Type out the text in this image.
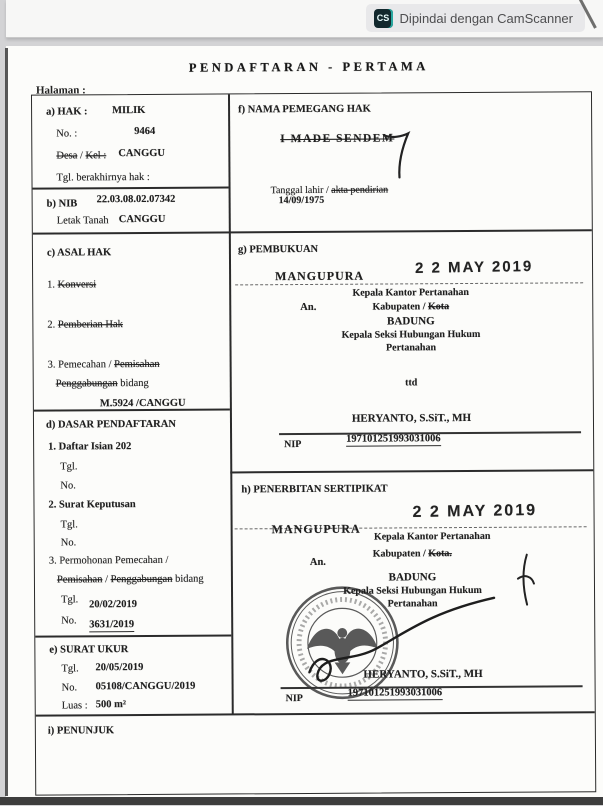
CS Dipindai dengan CamScanner
PENDAFTARAN - PERTAMA
Halaman :
a) HAK : MILIK
No. :	9464
Desa / Kel : CANGGU
Tgl. berakhirnya hak :
b) NIB 22.03.08.02.07342
Letak Tanah CANGGU
c) ASAL HAK
1. Konversi
2. Pemberian Hak
3. Pemecahan / Pemisahan
Penggabungan bidang
M.5924 /CANGGU
d) DASAR PENDAFTARAN
1. Daftar Isian 202
Tgl.
No.
2. Surat Keputusan
Tgl.
No.
3. Permohonan Pemecahan /
Pemisahan / Penggabungan bidang
Tgl. 20/02/2019
No. 3631/2019
e) SURAT UKUR
Tgl. 20/05/2019
No. 05108/CANGGU/2019
Luas : 500 m²
f) NAMA PEMEGANG HAK
I MADE SENDEM
Tanggal lahir / akta pendirian
14/09/1975
g) PEMBUKUAN
MANGUPURA	2 2 MAY 2019
Kepala Kantor Pertanahan
An.	Kabupaten / Kota
BADUNG
Kepala Seksi Hubungan Hukum
Pertanahan
ttd
HERYANTO, S.SiT., MH
NIP	197101251993031006
h) PENERBITAN SERTIPIKAT
2 2 MAY 2019
MANGUPURA
Kepala Kantor Pertanahan
Kabupaten / Kota.
An.
BADUNG
Kepala Seksi Hubungan Hukum
Pertanahan
HERYANTO, S.SiT., MH
NIP	197101251993031006
i) PENUNJUK
